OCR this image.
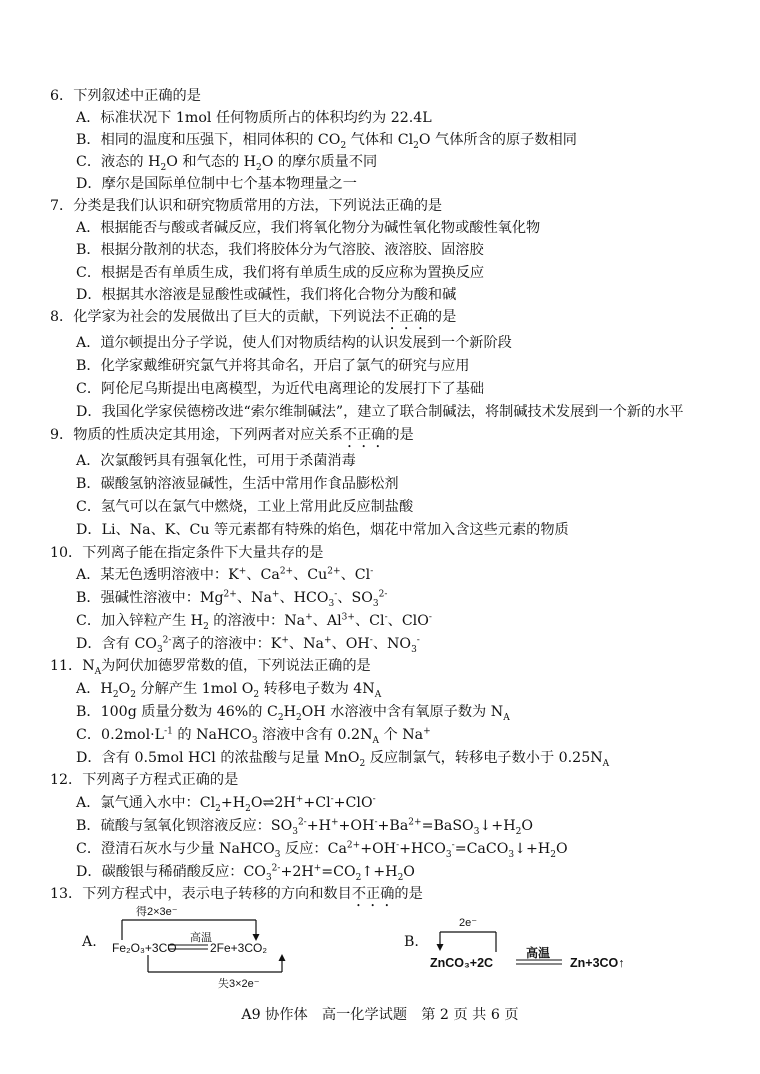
6．下列叙述中正确的是
A．标准状况下 1mol 任何物质所占的体积均约为 22.4L
B．相同的温度和压强下，相同体积的 $CO_2$ 气体和 $Cl_2O$ 气体所含的原子数相同
C．液态的 $H_2O$ 和气态的 $H_2O$ 的摩尔质量不同
D．摩尔是国际单位制中七个基本物理量之一
7．分类是我们认识和研究物质常用的方法，下列说法正确的是
A．根据能否与酸或者碱反应，我们将氧化物分为碱性氧化物或酸性氧化物
B．根据分散剂的状态，我们将胶体分为气溶胶、液溶胶、固溶胶
C．根据是否有单质生成，我们将有单质生成的反应称为置换反应
D．根据其水溶液是显酸性或碱性，我们将化合物分为酸和碱
8．化学家为社会的发展做出了巨大的贡献，下列说法不正确的是
A．道尔顿提出分子学说，使人们对物质结构的认识发展到一个新阶段
B．化学家戴维研究氯气并将其命名，开启了氯气的研究与应用
C．阿伦尼乌斯提出电离模型，为近代电离理论的发展打下了基础
D．我国化学家侯德榜改进“索尔维制碱法”，建立了联合制碱法，将制碱技术发展到一个新的水平
9．物质的性质决定其用途，下列两者对应关系不正确的是
A．次氯酸钙具有强氧化性，可用于杀菌消毒
B．碳酸氢钠溶液显碱性，生活中常用作食品膨松剂
C．氢气可以在氯气中燃烧，工业上常用此反应制盐酸
D．Li、Na、K、Cu 等元素都有特殊的焰色，烟花中常加入含这些元素的物质
10．下列离子能在指定条件下大量共存的是
A．某无色透明溶液中：K+、$Ca^{2+}$、$Cu^{2+}$、Cl-
B．强碱性溶液中：$Mg^{2+}$、Na+、$HCO_3^-$、$SO_3^{2-}$
C．加入锌粒产生 $H_2$ 的溶液中：Na+、$Al^{3+}$、Cl-、ClO-
D．含有 $CO_3^{2-}$离子的溶液中：K+、Na+、OH-、$NO_3^-$
11．$N_A$为阿伏加德罗常数的值，下列说法正确的是
A．$H_2O_2$ 分解产生 1mol $O_2$ 转移电子数为 $4N_A$
B．100g 质量分数为 46%的 $C_2H_2OH$ 水溶液中含有氧原子数为 $N_A$
C．$0.2mol\cdot L^{-1}$ 的 NaHCO$_3$ 溶液中含有 $0.2N_A$ 个 Na+
D．含有 0.5mol HCl 的浓盐酸与足量 MnO$_2$ 反应制氯气，转移电子数小于 $0.25N_A$
12．下列离子方程式正确的是
A．氯气通入水中：$Cl_2+H_2O\rightleftharpoons 2H^++Cl^-+ClO^-$
B．硫酸与氢氧化钡溶液反应：$SO_3^{2-}+H^++OH^-+Ba^{2+}=BaSO_3↓+H_2O$
C．澄清石灰水与少量 NaHCO$_3$ 反应：$Ca^{2+}+OH^-+HCO_3^-=CaCO_3↓+H_2O$
D．碳酸银与稀硝酸反应：$CO_3^{2-}+2H^+=CO_2↑+H_2O$
13．下列方程式中，表示电子转移的方向和数目不正确的是
A.
得2×3e⁻
高温
Fe₂O₃+3CO	2Fe+3CO₂
失3×2e⁻
B.
2e⁻
高温
ZnCO₃+2C	Zn+3CO↑
A9 协作体　高一化学试题　第 2 页 共 6 页
